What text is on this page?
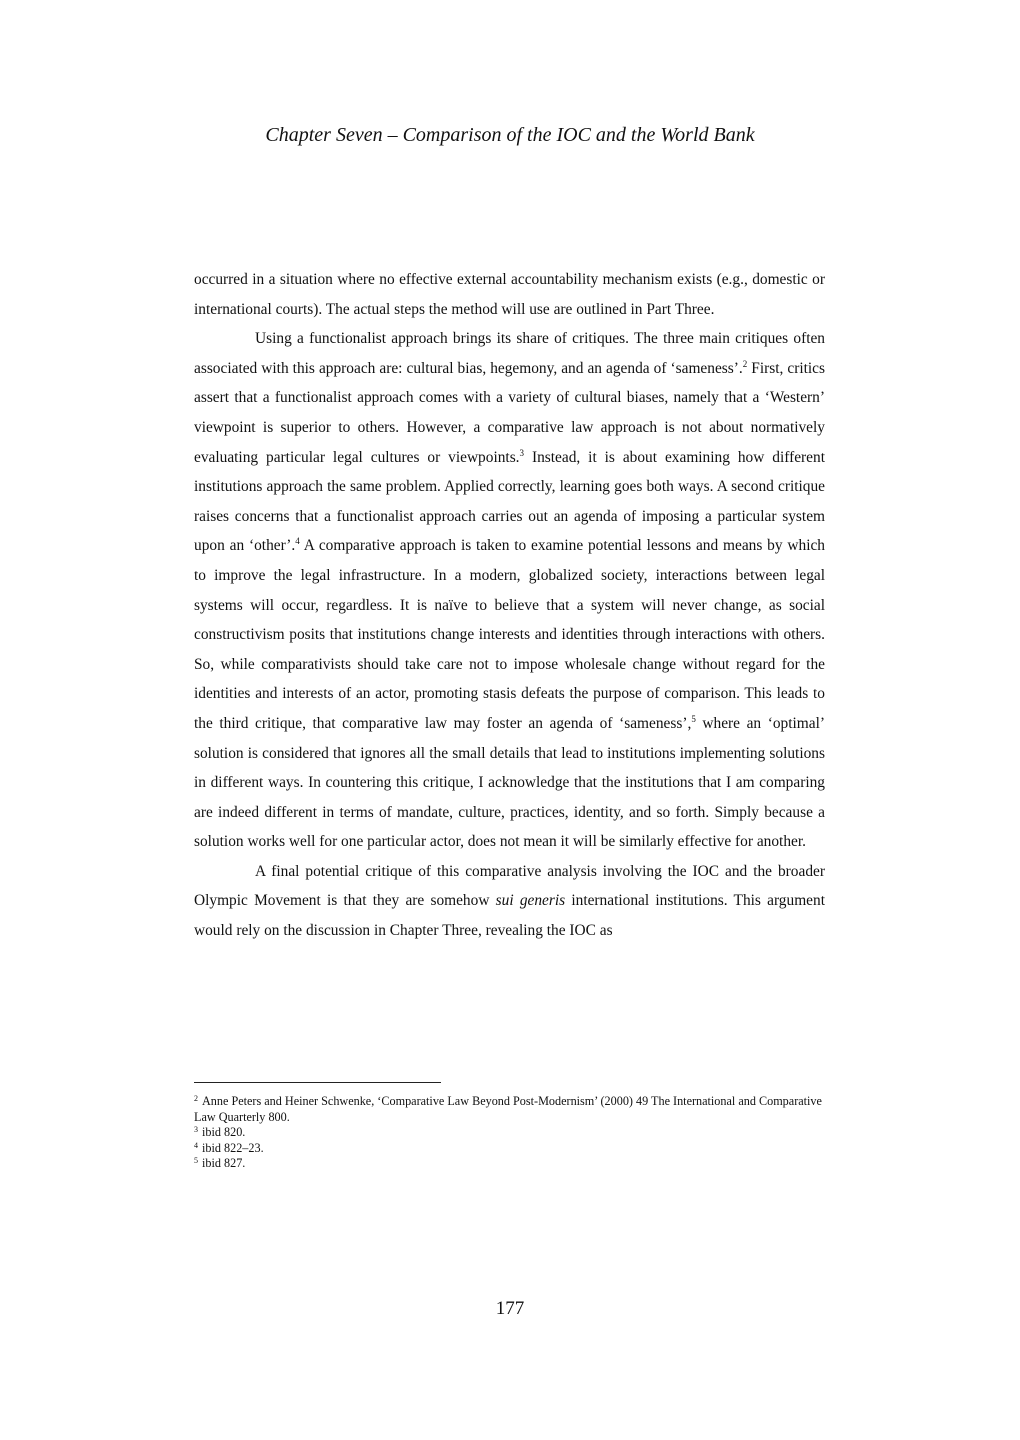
Chapter Seven – Comparison of the IOC and the World Bank

occurred in a situation where no effective external accountability mechanism exists (e.g., domestic or international courts). The actual steps the method will use are outlined in Part Three.

Using a functionalist approach brings its share of critiques. The three main critiques often associated with this approach are: cultural bias, hegemony, and an agenda of ‘sameness’.$^2$ First, critics assert that a functionalist approach comes with a variety of cultural biases, namely that a ‘Western’ viewpoint is superior to others. However, a comparative law approach is not about normatively evaluating particular legal cultures or viewpoints.$^3$ Instead, it is about examining how different institutions approach the same problem. Applied correctly, learning goes both ways. A second critique raises concerns that a functionalist approach carries out an agenda of imposing a particular system upon an ‘other’.$^4$ A comparative approach is taken to examine potential lessons and means by which to improve the legal infrastructure. In a modern, globalized society, interactions between legal systems will occur, regardless. It is naïve to believe that a system will never change, as social constructivism posits that institutions change interests and identities through interactions with others. So, while comparativists should take care not to impose wholesale change without regard for the identities and interests of an actor, promoting stasis defeats the purpose of comparison. This leads to the third critique, that comparative law may foster an agenda of ‘sameness’,$^5$ where an ‘optimal’ solution is considered that ignores all the small details that lead to institutions implementing solutions in different ways. In countering this critique, I acknowledge that the institutions that I am comparing are indeed different in terms of mandate, culture, practices, identity, and so forth. Simply because a solution works well for one particular actor, does not mean it will be similarly effective for another.

A final potential critique of this comparative analysis involving the IOC and the broader Olympic Movement is that they are somehow sui generis international institutions. This argument would rely on the discussion in Chapter Three, revealing the IOC as

$^2$ Anne Peters and Heiner Schwenke, ‘Comparative Law Beyond Post-Modernism’ (2000) 49 The International and Comparative Law Quarterly 800.

$^3$ ibid 820.

$^4$ ibid 822–23.

$^5$ ibid 827.

177
